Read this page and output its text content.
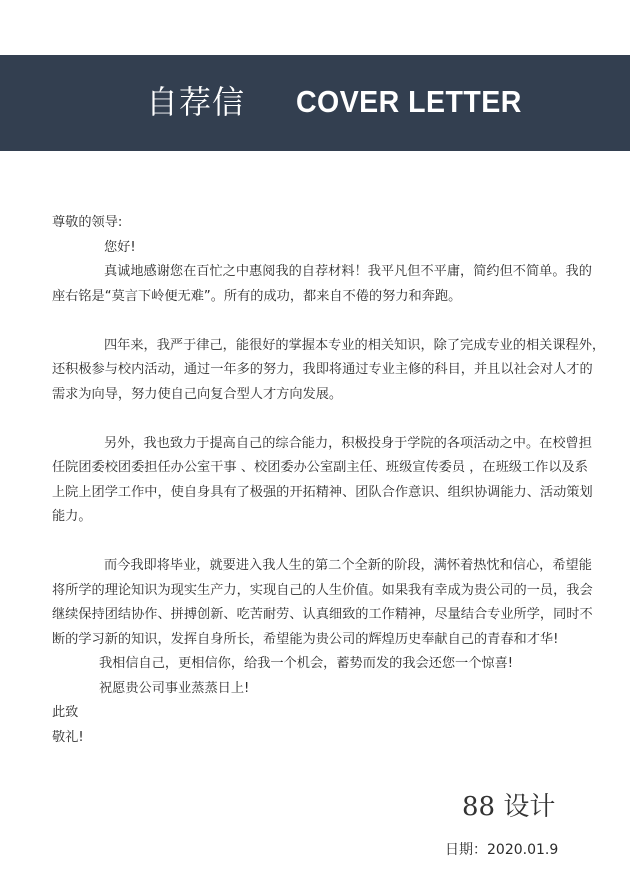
自荐信 COVER LETTER

尊敬的领导:

您好!

真诚地感谢您在百忙之中惠阅我的自荐材料！我平凡但不平庸，简约但不简单。我的

座右铭是“莫言下岭便无难”。所有的成功，都来自不倦的努力和奔跑。

四年来，我严于律己，能很好的掌握本专业的相关知识，除了完成专业的相关课程外，

还积极参与校内活动，通过一年多的努力，我即将通过专业主修的科目，并且以社会对人才的

需求为向导，努力使自己向复合型人才方向发展。

另外，我也致力于提高自己的综合能力，积极投身于学院的各项活动之中。在校曾担

任院团委校团委担任办公室干事 、校团委办公室副主任、班级宣传委员 ，在班级工作以及系

上院上团学工作中，使自身具有了极强的开拓精神、团队合作意识、组织协调能力、活动策划

能力。

而今我即将毕业，就要进入我人生的第二个全新的阶段，满怀着热忱和信心，希望能

将所学的理论知识为现实生产力，实现自己的人生价值。如果我有幸成为贵公司的一员，我会

继续保持团结协作、拼搏创新、吃苦耐劳、认真细致的工作精神，尽量结合专业所学，同时不

断的学习新的知识，发挥自身所长，希望能为贵公司的辉煌历史奉献自己的青春和才华!

我相信自己，更相信你，给我一个机会，蓄势而发的我会还您一个惊喜!

祝愿贵公司事业蒸蒸日上!

此致

敬礼!

88 设计
日期：2020.01.9
